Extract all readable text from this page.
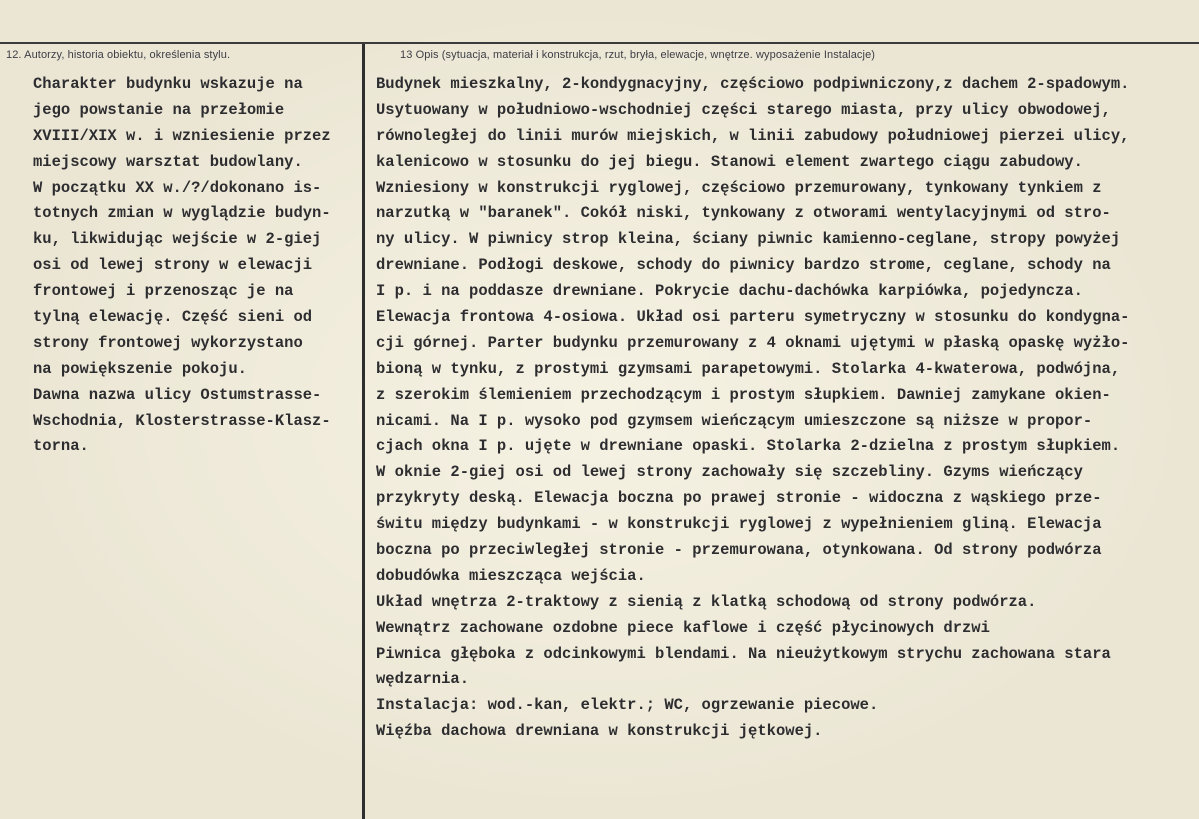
12. Autorzy, historia obiektu, określenia stylu.	13 Opis (sytuacja, materiał i konstrukcja, rzut, bryła, elewacje, wnętrze. wyposażenie Instalacje)
Charakter budynku wskazuje na
jego powstanie na przełomie
XVIII/XIX w. i wzniesienie przez
miejscowy warsztat budowlany.
W początku XX w./?/dokonano is-
totnych zmian w wyglądzie budyn-
ku, likwidując wejście w 2-giej
osi od lewej strony w elewacji
frontowej i przenosząc je na
tylną elewację. Część sieni od
strony frontowej wykorzystano
na powiększenie pokoju.
Dawna nazwa ulicy Ostumstrasse-
Wschodnia, Klosterstrasse-Klasz-
torna.
Budynek mieszkalny, 2-kondygnacyjny, częściowo podpiwniczony,z dachem 2-spadowym.
Usytuowany w południowo-wschodniej części starego miasta, przy ulicy obwodowej,
równoległej do linii murów miejskich, w linii zabudowy południowej pierzei ulicy,
kalenicowo w stosunku do jej biegu. Stanowi element zwartego ciągu zabudowy.
Wzniesiony w konstrukcji ryglowej, częściowo przemurowany, tynkowany tynkiem z
narzutką w "baranek". Cokół niski, tynkowany z otworami wentylacyjnymi od stro-
ny ulicy. W piwnicy strop kleina, ściany piwnic kamienno-ceglane, stropy powyżej
drewniane. Podłogi deskowe, schody do piwnicy bardzo strome, ceglane, schody na
I p. i na poddasze drewniane. Pokrycie dachu-dachówka karpiówka, pojedyncza.
Elewacja frontowa 4-osiowa. Układ osi parteru symetryczny w stosunku do kondygna-
cji górnej. Parter budynku przemurowany z 4 oknami ujętymi w płaską opaskę wyżło-
bioną w tynku, z prostymi gzymsami parapetowymi. Stolarka 4-kwaterowa, podwójna,
z szerokim ślemieniem przechodzącym i prostym słupkiem. Dawniej zamykane okien-
nicami. Na I p. wysoko pod gzymsem wieńczącym umieszczone są niższe w propor-
cjach okna I p. ujęte w drewniane opaski. Stolarka 2-dzielna z prostym słupkiem.
W oknie 2-giej osi od lewej strony zachowały się szczebliny. Gzyms wieńczący
przykryty deską. Elewacja boczna po prawej stronie - widoczna z wąskiego prze-
świtu między budynkami - w konstrukcji ryglowej z wypełnieniem gliną. Elewacja
boczna po przeciwległej stronie - przemurowana, otynkowana. Od strony podwórza
dobudówka mieszcząca wejścia.
Układ wnętrza 2-traktowy z sienią z klatką schodową od strony podwórza.
Wewnątrz zachowane ozdobne piece kaflowe i część płycinowych drzwi
Piwnica głęboka z odcinkowymi blendami. Na nieużytkowym strychu zachowana stara
wędzarnia.
Instalacja: wod.-kan, elektr.; WC, ogrzewanie piecowe.
Więźba dachowa drewniana w konstrukcji jętkowej.
